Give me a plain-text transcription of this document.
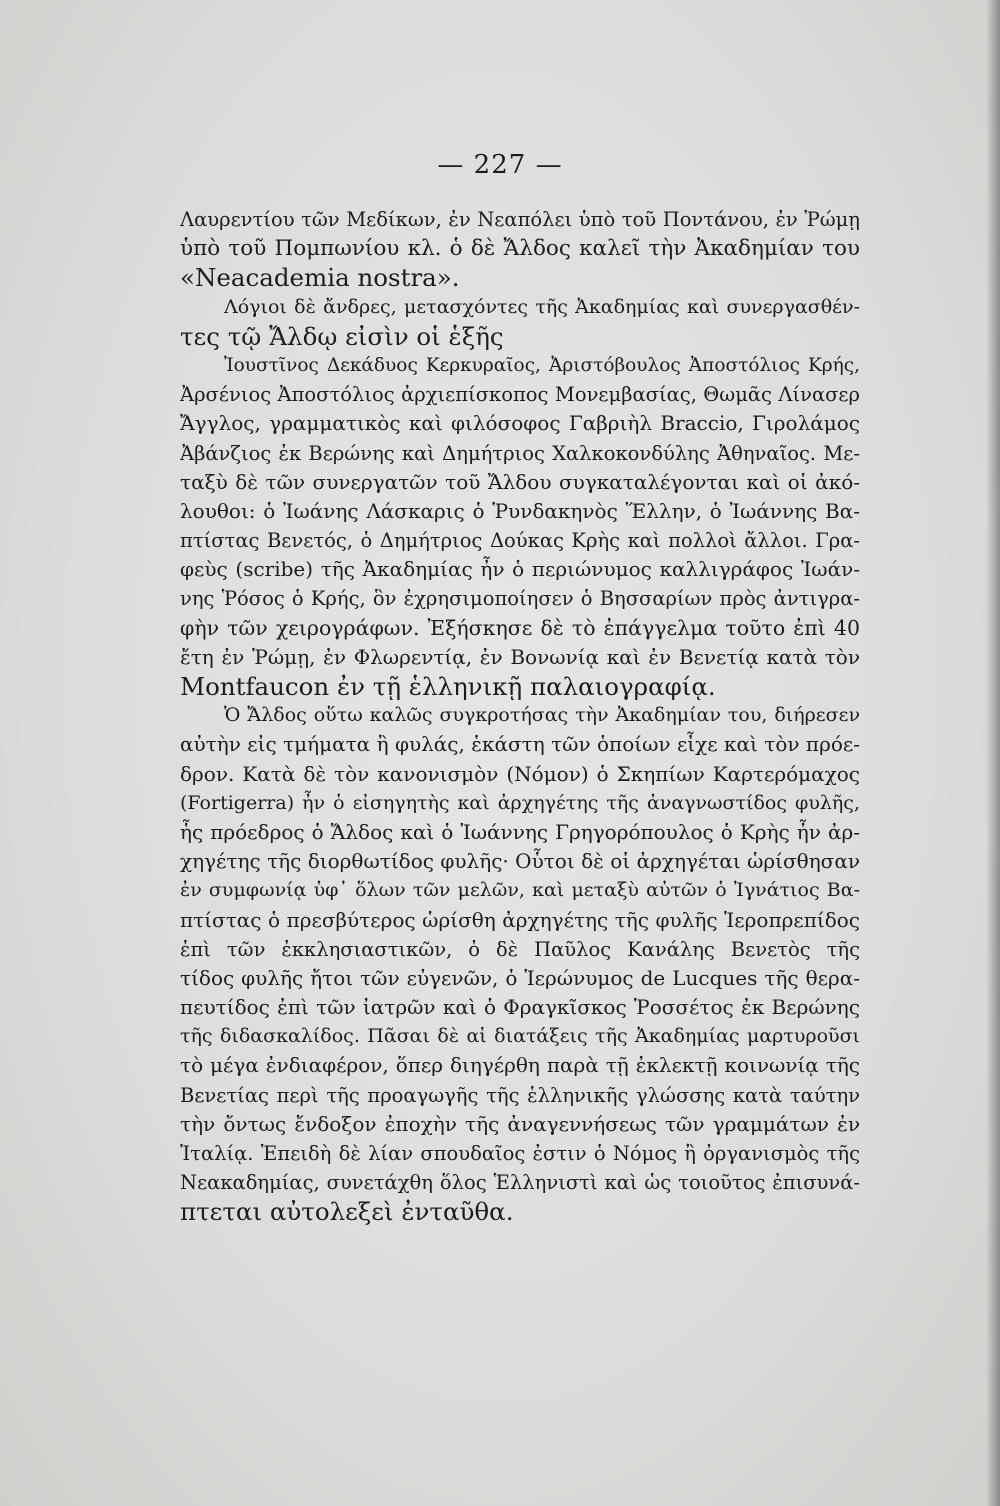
— 227 —
Λαυρεντίου τῶν Μεδίκων, ἐν Νεαπόλει ὑπὸ τοῦ Ποντάνου, ἐν Ῥώμῃ
ὑπὸ τοῦ Πομπωνίου κλ. ὁ δὲ Ἄλδος καλεῖ τὴν Ἀκαδημίαν του
«Neacademia nostra».
Λόγιοι δὲ ἄνδρες, μετασχόντες τῆς Ἀκαδημίας καὶ συνεργασθέν-
τες τῷ Ἄλδῳ εἰσὶν οἱ ἑξῆς
Ἰουστῖνος Δεκάδυος Κερκυραῖος, Ἀριστόβουλος Ἀποστόλιος Κρής,
Ἀρσένιος Ἀποστόλιος ἀρχιεπίσκοπος Μονεμβασίας, Θωμᾶς Λίνασερ
Ἄγγλος, γραμματικὸς καὶ φιλόσοφος Γαβριὴλ Braccio, Γιρολάμος
Ἀβάνζιος ἐκ Βερώνης καὶ Δημήτριος Χαλκοκονδύλης Ἀθηναῖος. Με-
ταξὺ δὲ τῶν συνεργατῶν τοῦ Ἄλδου συγκαταλέγονται καὶ οἱ ἀκό-
λουθοι: ὁ Ἰωάνης Λάσκαρις ὁ Ῥυνδακηνὸς Ἕλλην, ὁ Ἰωάννης Βα-
πτίστας Βενετός, ὁ Δημήτριος Δούκας Κρὴς καὶ πολλοὶ ἄλλοι. Γρα-
φεὺς (scribe) τῆς Ἀκαδημίας ἦν ὁ περιώνυμος καλλιγράφος Ἰωάν-
νης Ῥόσος ὁ Κρής, ὃν ἐχρησιμοποίησεν ὁ Βησσαρίων πρὸς ἀντιγρα-
φὴν τῶν χειρογράφων. Ἐξήσκησε δὲ τὸ ἐπάγγελμα τοῦτο ἐπὶ 40
ἔτη ἐν Ῥώμῃ, ἐν Φλωρεντίᾳ, ἐν Βονωνίᾳ καὶ ἐν Βενετίᾳ κατὰ τὸν
Montfaucon ἐν τῇ ἑλληνικῇ παλαιογραφίᾳ.
Ὁ Ἄλδος οὕτω καλῶς συγκροτήσας τὴν Ἀκαδημίαν του, διήρεσεν
αὐτὴν εἰς τμήματα ἢ φυλάς, ἑκάστη τῶν ὁποίων εἶχε καὶ τὸν πρόε-
δρον. Κατὰ δὲ τὸν κανονισμὸν (Νόμον) ὁ Σκηπίων Καρτερόμαχος
(Fortigerra) ἦν ὁ εἰσηγητὴς καὶ ἀρχηγέτης τῆς ἀναγνωστίδος φυλῆς,
ἧς πρόεδρος ὁ Ἄλδος καὶ ὁ Ἰωάννης Γρηγορόπουλος ὁ Κρὴς ἦν ἀρ-
χηγέτης τῆς διορθωτίδος φυλῆς· Οὗτοι δὲ οἱ ἀρχηγέται ὡρίσθησαν
ἐν συμφωνίᾳ ὑφ᾿ ὅλων τῶν μελῶν, καὶ μεταξὺ αὐτῶν ὁ Ἰγνάτιος Βα-
πτίστας ὁ πρεσβύτερος ὡρίσθη ἀρχηγέτης τῆς φυλῆς Ἱεροπρεπίδος
ἐπὶ τῶν ἐκκλησιαστικῶν, ὁ δὲ Παῦλος Κανάλης Βενετὸς τῆς
τίδος φυλῆς ἤτοι τῶν εὐγενῶν, ὁ Ἱερώνυμος de Lucques τῆς θερα-
πευτίδος ἐπὶ τῶν ἰατρῶν καὶ ὁ Φραγκῖσκος Ῥοσσέτος ἐκ Βερώνης
τῆς διδασκαλίδος. Πᾶσαι δὲ αἱ διατάξεις τῆς Ἀκαδημίας μαρτυροῦσι
τὸ μέγα ἐνδιαφέρον, ὅπερ διηγέρθη παρὰ τῇ ἐκλεκτῇ κοινωνίᾳ τῆς
Βενετίας περὶ τῆς προαγωγῆς τῆς ἑλληνικῆς γλώσσης κατὰ ταύτην
τὴν ὄντως ἔνδοξον ἐποχὴν τῆς ἀναγεννήσεως τῶν γραμμάτων ἐν
Ἰταλίᾳ. Ἐπειδὴ δὲ λίαν σπουδαῖος ἐστιν ὁ Νόμος ἢ ὀργανισμὸς τῆς
Νεακαδημίας, συνετάχθη ὅλος Ἑλληνιστὶ καὶ ὡς τοιοῦτος ἐπισυνά-
πτεται αὐτολεξεὶ ἐνταῦθα.
